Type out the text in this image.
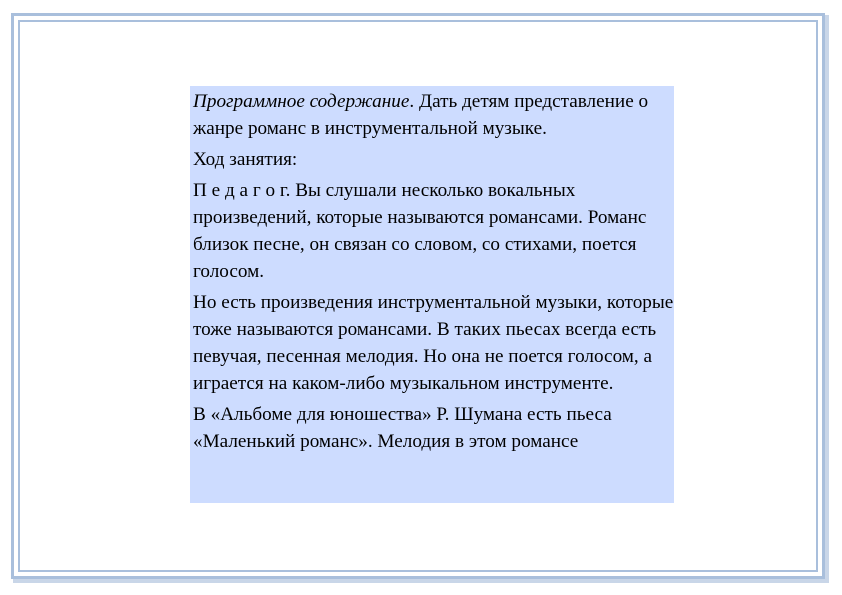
Программное содержание. Дать детям представление о жанре романс в инструментальной музыке.

Ход занятия:

П е д а г о г. Вы слушали несколько вокальных произведений, которые называются романсами. Романс близок песне, он связан со словом, со стихами, поется голосом.

Но есть произведения инструментальной музыки, которые тоже называются романсами. В таких пьесах всегда есть певучая, песенная мелодия. Но она не поется голосом, а играется на каком-либо музыкальном инструменте.

В «Альбоме для юношества» Р. Шумана есть пьеса «Маленький романс». Мелодия в этом романсе
